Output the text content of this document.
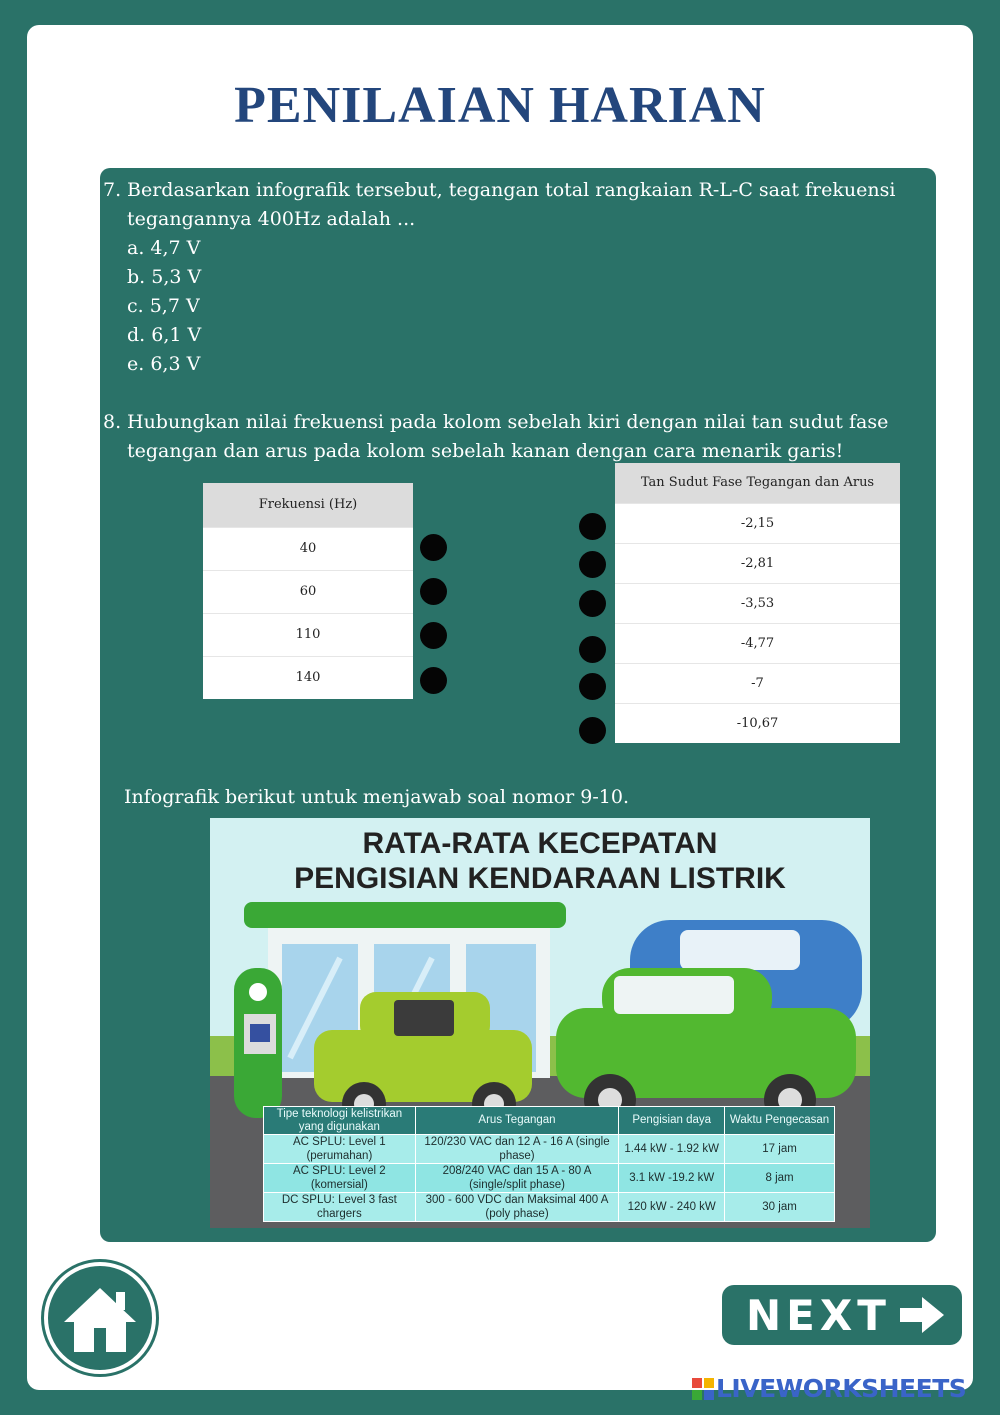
PENILAIAN HARIAN
7. Berdasarkan infografik tersebut, tegangan total rangkaian R-L-C saat frekuensi
tegangannya 400Hz adalah ...
a. 4,7 V
b. 5,3 V
c. 5,7 V
d. 6,1 V
e. 6,3 V
8. Hubungkan nilai frekuensi pada kolom sebelah kiri dengan nilai tan sudut fase
tegangan dan arus pada kolom sebelah kanan dengan cara menarik garis!
Frekuensi (Hz)
40
60
110
140
Tan Sudut Fase Tegangan dan Arus
-2,15
-2,81
-3,53
-4,77
-7
-10,67
Infografik berikut untuk menjawab soal nomor 9-10.
RATA-RATA KECEPATAN
PENGISIAN KENDARAAN LISTRIK
Tipe teknologi kelistrikan yang digunakan	Arus Tegangan	Pengisian daya	Waktu Pengecasan
AC SPLU: Level 1 (perumahan)	120/230 VAC dan 12 A - 16 A (single phase)	1.44 kW - 1.92 kW	17 jam
AC SPLU: Level 2 (komersial)	208/240 VAC dan 15 A - 80 A (single/split phase)	3.1 kW -19.2 kW	8 jam
DC SPLU: Level 3 fast chargers	300 - 600 VDC dan Maksimal 400 A (poly phase)	120 kW - 240 kW	30 jam
NEXT
LIVEWORKSHEETS
